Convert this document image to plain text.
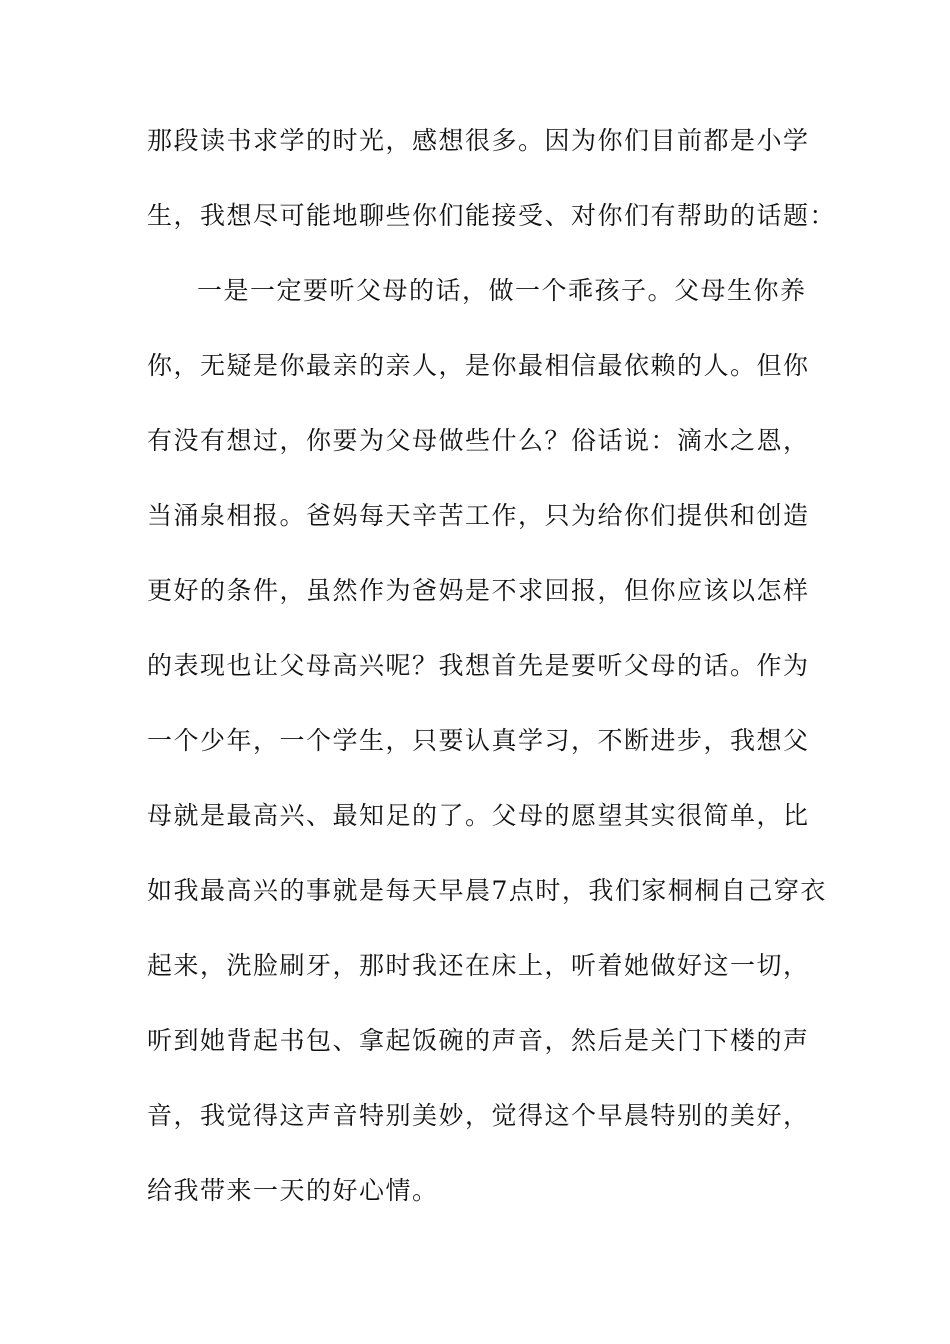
那段读书求学的时光，感想很多。因为你们目前都是小学
生，我想尽可能地聊些你们能接受、对你们有帮助的话题：
一是一定要听父母的话，做一个乖孩子。父母生你养
你，无疑是你最亲的亲人，是你最相信最依赖的人。但你
有没有想过，你要为父母做些什么？俗话说：滴水之恩，
当涌泉相报。爸妈每天辛苦工作，只为给你们提供和创造
更好的条件，虽然作为爸妈是不求回报，但你应该以怎样
的表现也让父母高兴呢？我想首先是要听父母的话。作为
一个少年，一个学生，只要认真学习，不断进步，我想父
母就是最高兴、最知足的了。父母的愿望其实很简单，比
如我最高兴的事就是每天早晨7点时，我们家桐桐自己穿衣
起来，洗脸刷牙，那时我还在床上，听着她做好这一切，
听到她背起书包、拿起饭碗的声音，然后是关门下楼的声
音，我觉得这声音特别美妙，觉得这个早晨特别的美好，
给我带来一天的好心情。
